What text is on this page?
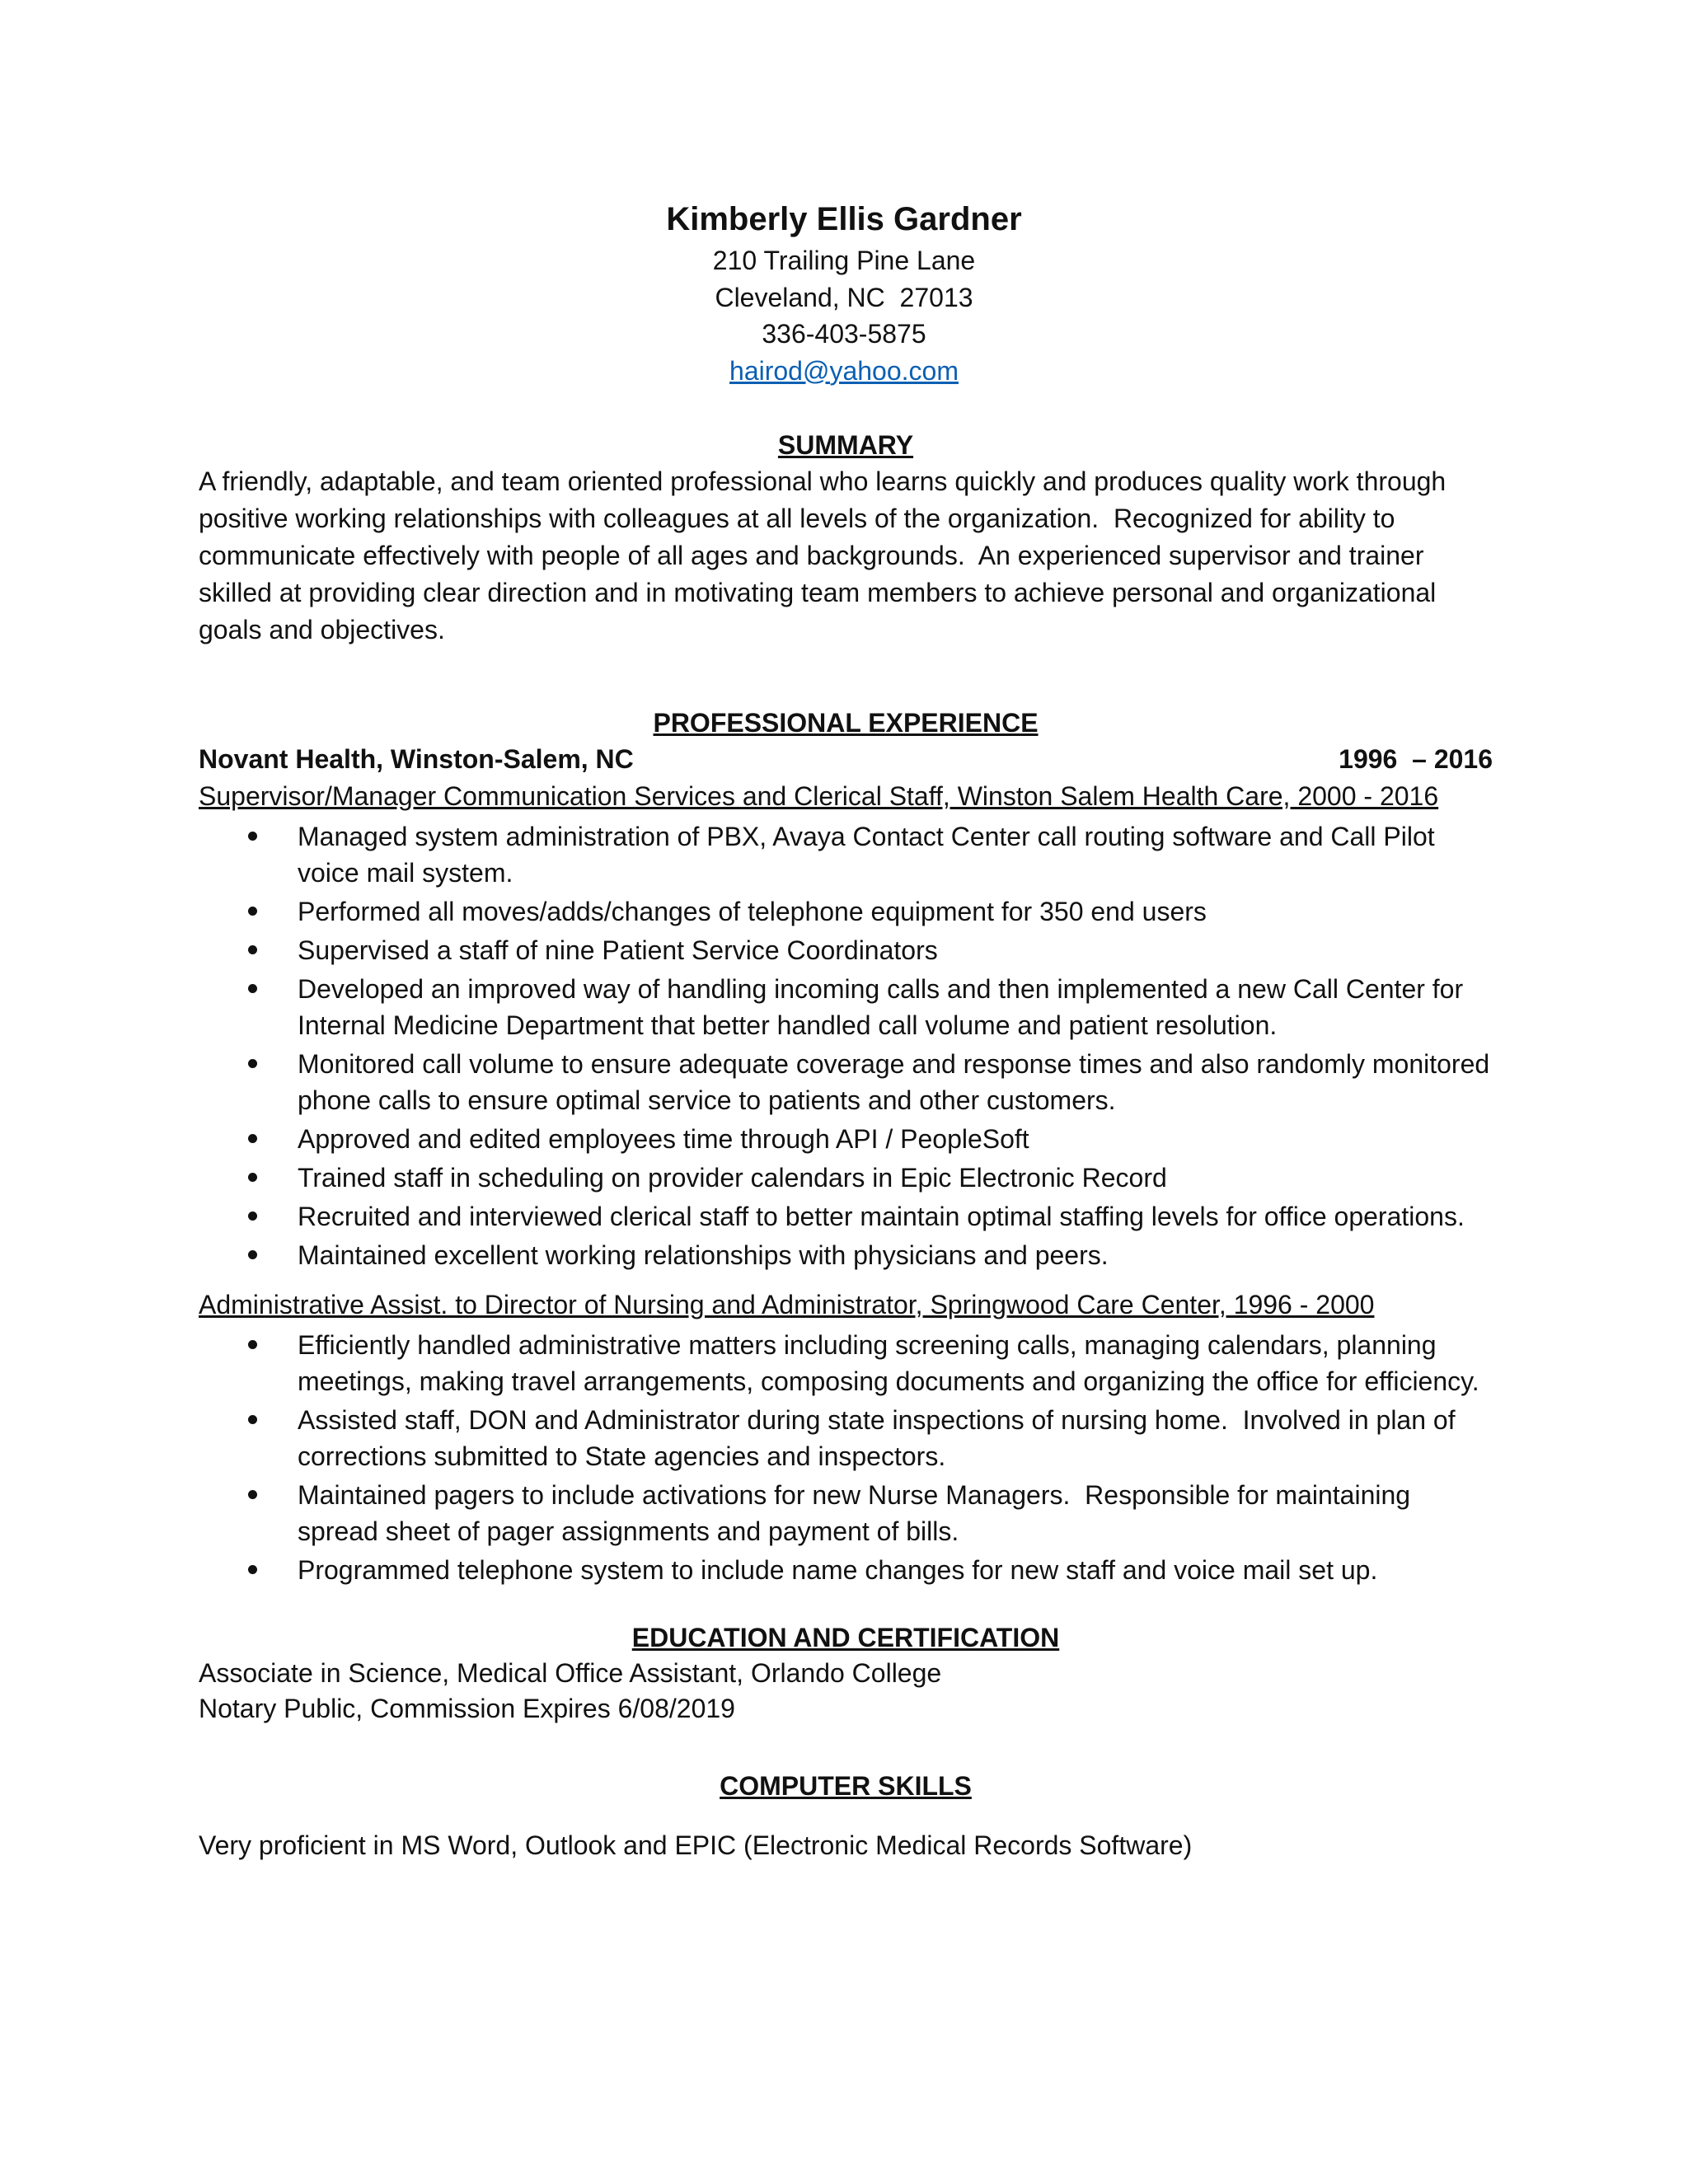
Kimberly Ellis Gardner
210 Trailing Pine Lane
Cleveland, NC  27013
336-403-5875
hairod@yahoo.com

SUMMARY

A friendly, adaptable, and team oriented professional who learns quickly and produces quality work through positive working relationships with colleagues at all levels of the organization.  Recognized for ability to communicate effectively with people of all ages and backgrounds.  An experienced supervisor and trainer skilled at providing clear direction and in motivating team members to achieve personal and organizational goals and objectives.

PROFESSIONAL EXPERIENCE

Novant Health, Winston-Salem, NC	1996  – 2016
Supervisor/Manager Communication Services and Clerical Staff, Winston Salem Health Care, 2000 - 2016
Managed system administration of PBX, Avaya Contact Center call routing software and Call Pilot voice mail system.
Performed all moves/adds/changes of telephone equipment for 350 end users
Supervised a staff of nine Patient Service Coordinators
Developed an improved way of handling incoming calls and then implemented a new Call Center for Internal Medicine Department that better handled call volume and patient resolution.
Monitored call volume to ensure adequate coverage and response times and also randomly monitored phone calls to ensure optimal service to patients and other customers.
Approved and edited employees time through API / PeopleSoft
Trained staff in scheduling on provider calendars in Epic Electronic Record
Recruited and interviewed clerical staff to better maintain optimal staffing levels for office operations.
Maintained excellent working relationships with physicians and peers.
Administrative Assist. to Director of Nursing and Administrator, Springwood Care Center, 1996 - 2000
Efficiently handled administrative matters including screening calls, managing calendars, planning meetings, making travel arrangements, composing documents and organizing the office for efficiency.
Assisted staff, DON and Administrator during state inspections of nursing home.  Involved in plan of corrections submitted to State agencies and inspectors.
Maintained pagers to include activations for new Nurse Managers.  Responsible for maintaining spread sheet of pager assignments and payment of bills.
Programmed telephone system to include name changes for new staff and voice mail set up.

EDUCATION AND CERTIFICATION

Associate in Science, Medical Office Assistant, Orlando College

Notary Public, Commission Expires 6/08/2019

COMPUTER SKILLS

Very proficient in MS Word, Outlook and EPIC (Electronic Medical Records Software)
